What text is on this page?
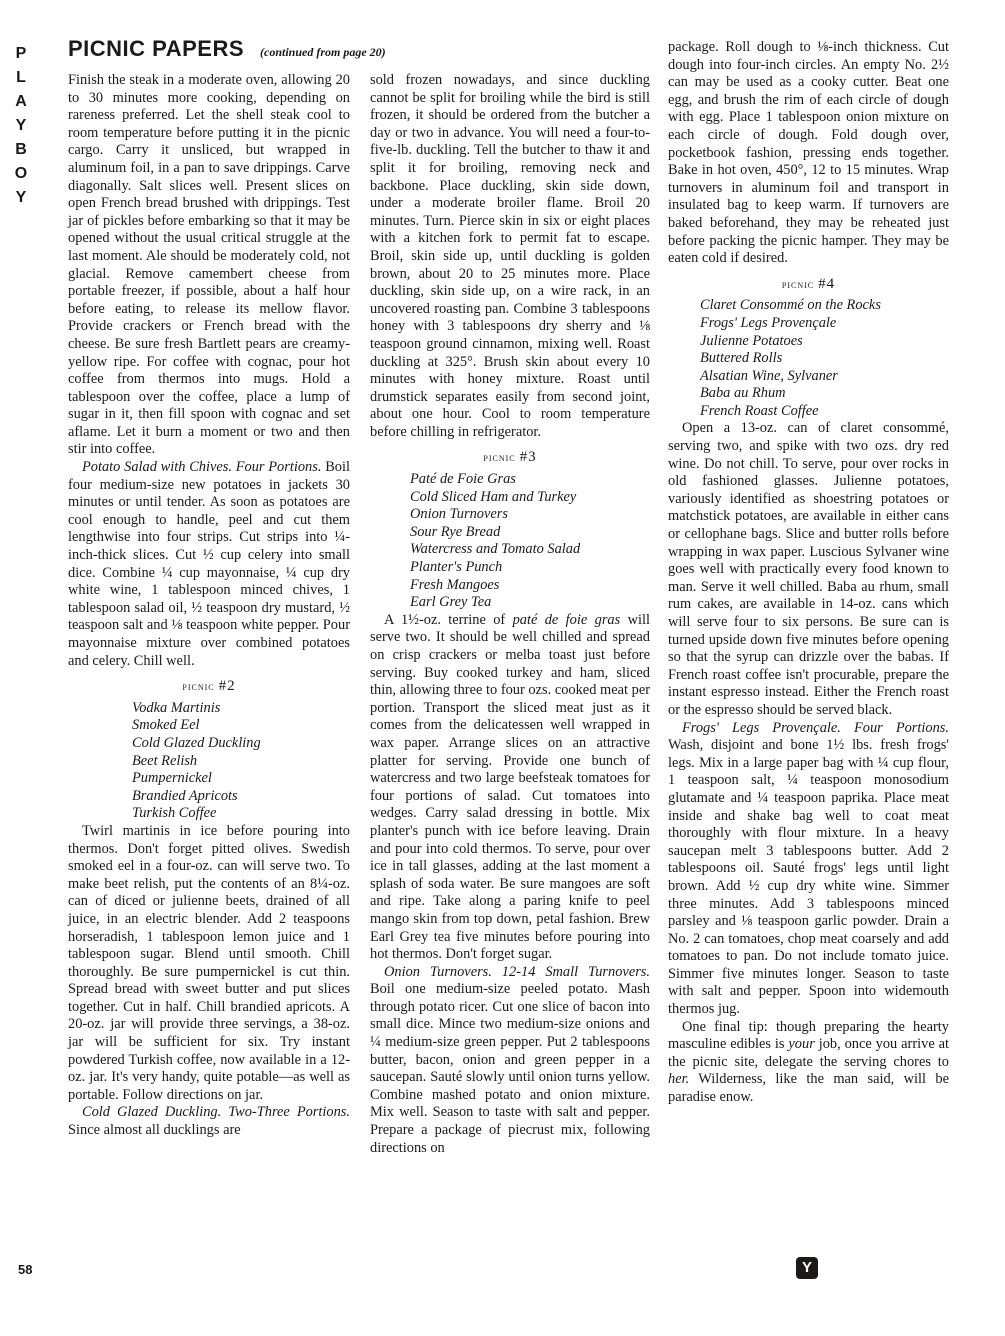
P
L
A
Y
B
O
Y
PICNIC PAPERS (continued from page 20)

Finish the steak in a moderate oven, allowing 20 to 30 minutes more cooking, depending on rareness preferred. Let the shell steak cool to room temperature before putting it in the picnic cargo. Carry it unsliced, but wrapped in aluminum foil, in a pan to save drippings. Carve diagonally. Salt slices well. Present slices on open French bread brushed with drippings. Test jar of pickles before embarking so that it may be opened without the usual critical struggle at the last moment. Ale should be moderately cold, not glacial. Remove camembert cheese from portable freezer, if possible, about a half hour before eating, to release its mellow flavor. Provide crackers or French bread with the cheese. Be sure fresh Bartlett pears are creamy-yellow ripe. For coffee with cognac, pour hot coffee from thermos into mugs. Hold a tablespoon over the coffee, place a lump of sugar in it, then fill spoon with cognac and set aflame. Let it burn a moment or two and then stir into coffee.

Potato Salad with Chives. Four Portions. Boil four medium-size new potatoes in jackets 30 minutes or until tender. As soon as potatoes are cool enough to handle, peel and cut them lengthwise into four strips. Cut strips into ¼-inch-thick slices. Cut ½ cup celery into small dice. Combine ¼ cup mayonnaise, ¼ cup dry white wine, 1 tablespoon minced chives, 1 tablespoon salad oil, ½ teaspoon dry mustard, ½ teaspoon salt and ⅛ teaspoon white pepper. Pour mayonnaise mixture over combined potatoes and celery. Chill well.

picnic #2
Vodka Martinis
Smoked Eel
Cold Glazed Duckling
Beet Relish
Pumpernickel
Brandied Apricots
Turkish Coffee

Twirl martinis in ice before pouring into thermos. Don't forget pitted olives. Swedish smoked eel in a four-oz. can will serve two. To make beet relish, put the contents of an 8¼-oz. can of diced or julienne beets, drained of all juice, in an electric blender. Add 2 teaspoons horseradish, 1 tablespoon lemon juice and 1 tablespoon sugar. Blend until smooth. Chill thoroughly. Be sure pumpernickel is cut thin. Spread bread with sweet butter and put slices together. Cut in half. Chill brandied apricots. A 20-oz. jar will provide three servings, a 38-oz. jar will be sufficient for six. Try instant powdered Turkish coffee, now available in a 12-oz. jar. It's very handy, quite potable—as well as portable. Follow directions on jar.

Cold Glazed Duckling. Two-Three Portions. Since almost all ducklings are

sold frozen nowadays, and since duckling cannot be split for broiling while the bird is still frozen, it should be ordered from the butcher a day or two in advance. You will need a four-to-five-lb. duckling. Tell the butcher to thaw it and split it for broiling, removing neck and backbone. Place duckling, skin side down, under a moderate broiler flame. Broil 20 minutes. Turn. Pierce skin in six or eight places with a kitchen fork to permit fat to escape. Broil, skin side up, until duckling is golden brown, about 20 to 25 minutes more. Place duckling, skin side up, on a wire rack, in an uncovered roasting pan. Combine 3 tablespoons honey with 3 tablespoons dry sherry and ⅛ teaspoon ground cinnamon, mixing well. Roast duckling at 325°. Brush skin about every 10 minutes with honey mixture. Roast until drumstick separates easily from second joint, about one hour. Cool to room temperature before chilling in refrigerator.

picnic #3
Paté de Foie Gras
Cold Sliced Ham and Turkey
Onion Turnovers
Sour Rye Bread
Watercress and Tomato Salad
Planter's Punch
Fresh Mangoes
Earl Grey Tea

A 1½-oz. terrine of paté de foie gras will serve two. It should be well chilled and spread on crisp crackers or melba toast just before serving. Buy cooked turkey and ham, sliced thin, allowing three to four ozs. cooked meat per portion. Transport the sliced meat just as it comes from the delicatessen well wrapped in wax paper. Arrange slices on an attractive platter for serving. Provide one bunch of watercress and two large beefsteak tomatoes for four portions of salad. Cut tomatoes into wedges. Carry salad dressing in bottle. Mix planter's punch with ice before leaving. Drain and pour into cold thermos. To serve, pour over ice in tall glasses, adding at the last moment a splash of soda water. Be sure mangoes are soft and ripe. Take along a paring knife to peel mango skin from top down, petal fashion. Brew Earl Grey tea five minutes before pouring into hot thermos. Don't forget sugar.

Onion Turnovers. 12-14 Small Turnovers. Boil one medium-size peeled potato. Mash through potato ricer. Cut one slice of bacon into small dice. Mince two medium-size onions and ¼ medium-size green pepper. Put 2 tablespoons butter, bacon, onion and green pepper in a saucepan. Sauté slowly until onion turns yellow. Combine mashed potato and onion mixture. Mix well. Season to taste with salt and pepper. Prepare a package of piecrust mix, following directions on

package. Roll dough to ⅛-inch thickness. Cut dough into four-inch circles. An empty No. 2½ can may be used as a cooky cutter. Beat one egg, and brush the rim of each circle of dough with egg. Place 1 tablespoon onion mixture on each circle of dough. Fold dough over, pocketbook fashion, pressing ends together. Bake in hot oven, 450°, 12 to 15 minutes. Wrap turnovers in aluminum foil and transport in insulated bag to keep warm. If turnovers are baked beforehand, they may be reheated just before packing the picnic hamper. They may be eaten cold if desired.

picnic #4
Claret Consommé on the Rocks
Frogs' Legs Provençale
Julienne Potatoes
Buttered Rolls
Alsatian Wine, Sylvaner
Baba au Rhum
French Roast Coffee

Open a 13-oz. can of claret consommé, serving two, and spike with two ozs. dry red wine. Do not chill. To serve, pour over rocks in old fashioned glasses. Julienne potatoes, variously identified as shoestring potatoes or matchstick potatoes, are available in either cans or cellophane bags. Slice and butter rolls before wrapping in wax paper. Luscious Sylvaner wine goes well with practically every food known to man. Serve it well chilled. Baba au rhum, small rum cakes, are available in 14-oz. cans which will serve four to six persons. Be sure can is turned upside down five minutes before opening so that the syrup can drizzle over the babas. If French roast coffee isn't procurable, prepare the instant espresso instead. Either the French roast or the espresso should be served black.

Frogs' Legs Provençale. Four Portions. Wash, disjoint and bone 1½ lbs. fresh frogs' legs. Mix in a large paper bag with ¼ cup flour, 1 teaspoon salt, ¼ teaspoon monosodium glutamate and ¼ teaspoon paprika. Place meat inside and shake bag well to coat meat thoroughly with flour mixture. In a heavy saucepan melt 3 tablespoons butter. Add 2 tablespoons oil. Sauté frogs' legs until light brown. Add ½ cup dry white wine. Simmer three minutes. Add 3 tablespoons minced parsley and ⅛ teaspoon garlic powder. Drain a No. 2 can tomatoes, chop meat coarsely and add tomatoes to pan. Do not include tomato juice. Simmer five minutes longer. Season to taste with salt and pepper. Spoon into widemouth thermos jug.

One final tip: though preparing the hearty masculine edibles is your job, once you arrive at the picnic site, delegate the serving chores to her. Wilderness, like the man said, will be paradise enow.

58	Y
